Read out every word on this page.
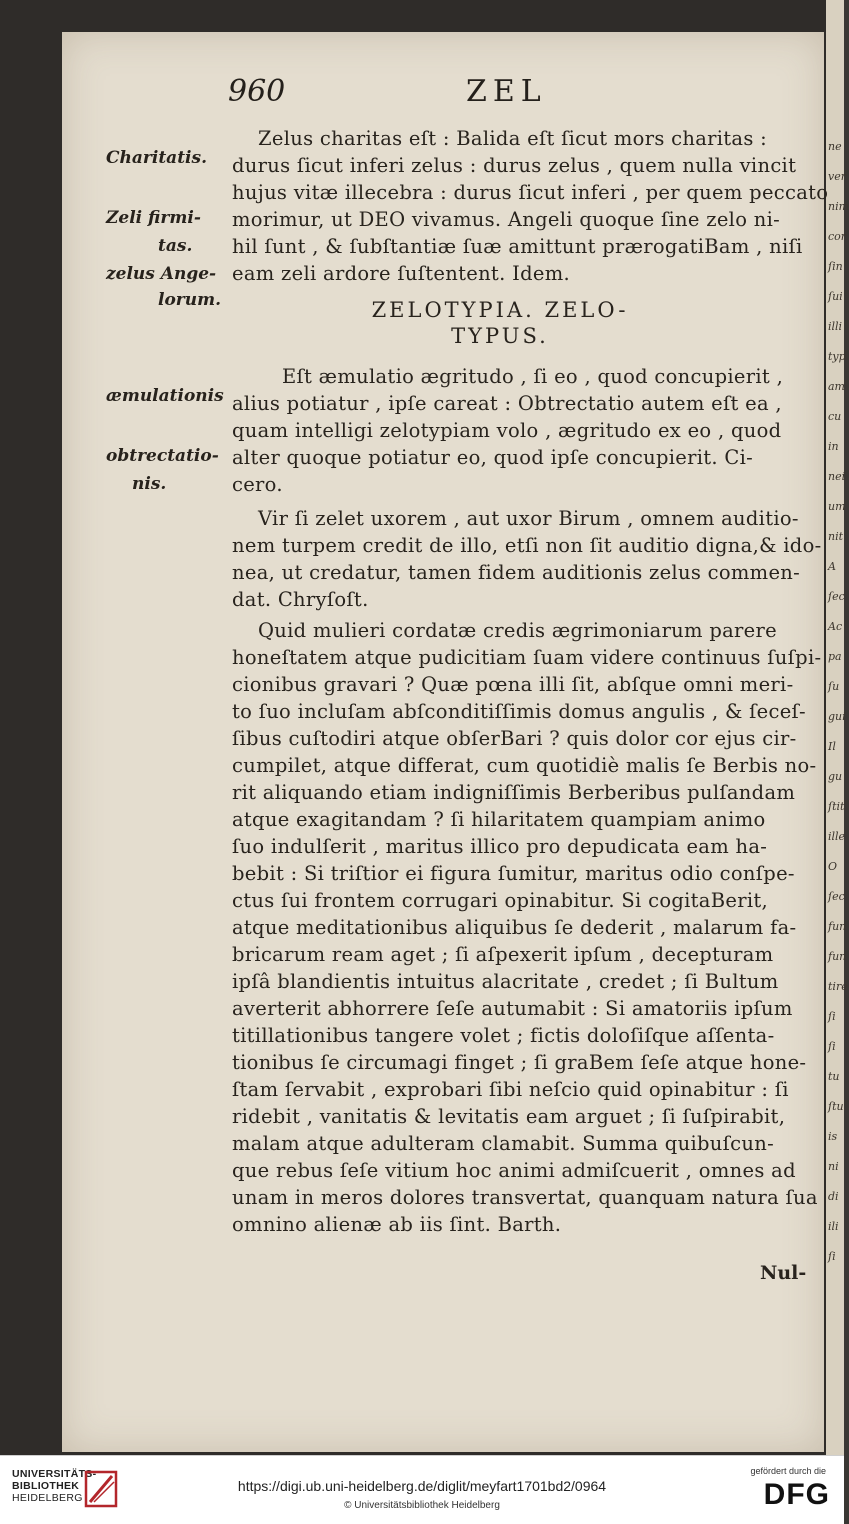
ne
ver
nim
cor
ſin
ſui
illi
typ
am
cu
in
nei
um
nit
A
ſec
Ac
pa
ſu
gui
Il
gu
ſtit
ille
O
ſec
fun
fun
tire
ſi
ſi
tu
ſtu
is
ni
di
ili
ſi
960	ZEL
Charitatis.
Zeli firmi-
tas.
zelus Ange-
lorum.
æmulationis
obtrectatio-
nis.
Zelus charitas eſt : Balida eſt ſicut mors charitas :
durus ſicut inferi zelus : durus zelus , quem nulla vincit
hujus vitæ illecebra : durus ſicut inferi , per quem peccato
morimur, ut DEO vivamus. Angeli quoque ſine zelo ni-
hil ſunt , & ſubſtantiæ ſuæ amittunt prærogatiBam , niſi
eam zeli ardore ſuſtentent. Idem.
ZELOTYPIA. ZELO-
TYPUS.
Eſt æmulatio ægritudo , ſi eo , quod concupierit ,
alius potiatur , ipſe careat : Obtrectatio autem eſt ea ,
quam intelligi zelotypiam volo , ægritudo ex eo , quod
alter quoque potiatur eo, quod ipſe concupierit. Ci-
cero.
Vir ſi zelet uxorem , aut uxor Birum , omnem auditio-
nem turpem credit de illo, etſi non ſit auditio digna,& ido-
nea, ut credatur, tamen fidem auditionis zelus commen-
dat. Chryſoſt.
Quid mulieri cordatæ credis ægrimoniarum parere
honeſtatem atque pudicitiam ſuam videre continuus ſuſpi-
cionibus gravari ? Quæ pœna illi ſit, abſque omni meri-
to ſuo incluſam abſconditiſſimis domus angulis , & ſeceſ-
ſibus cuſtodiri atque obſerBari ? quis dolor cor ejus cir-
cumpilet, atque differat, cum quotidiè malis ſe Berbis no-
rit aliquando etiam indigniſſimis Berberibus pulſandam
atque exagitandam ? ſi hilaritatem quampiam animo
ſuo indulſerit , maritus illico pro depudicata eam ha-
bebit : Si triſtior ei figura ſumitur, maritus odio conſpe-
ctus ſui frontem corrugari opinabitur. Si cogitaBerit,
atque meditationibus aliquibus ſe dederit , malarum fa-
bricarum ream aget ; ſi aſpexerit ipſum , decepturam
ipſâ blandientis intuitus alacritate , credet ; ſi Bultum
averterit abhorrere ſeſe autumabit : Si amatoriis ipſum
titillationibus tangere volet ; fictis doloſiſque aſſenta-
tionibus ſe circumagi finget ; ſi graBem ſeſe atque hone-
ſtam ſervabit , exprobari ſibi neſcio quid opinabitur : ſi
ridebit , vanitatis & levitatis eam arguet ; ſi ſuſpirabit,
malam atque adulteram clamabit. Summa quibuſcun-
que rebus ſeſe vitium hoc animi admiſcuerit , omnes ad
unam in meros dolores transvertat, quanquam natura ſua
omnino alienæ ab iis ſint. Barth.
Nul-
UNIVERSITÄTS-
BIBLIOTHEK
HEIDELBERG
https://digi.ub.uni-heidelberg.de/diglit/meyfart1701bd2/0964
© Universitätsbibliothek Heidelberg
gefördert durch die
DFG
